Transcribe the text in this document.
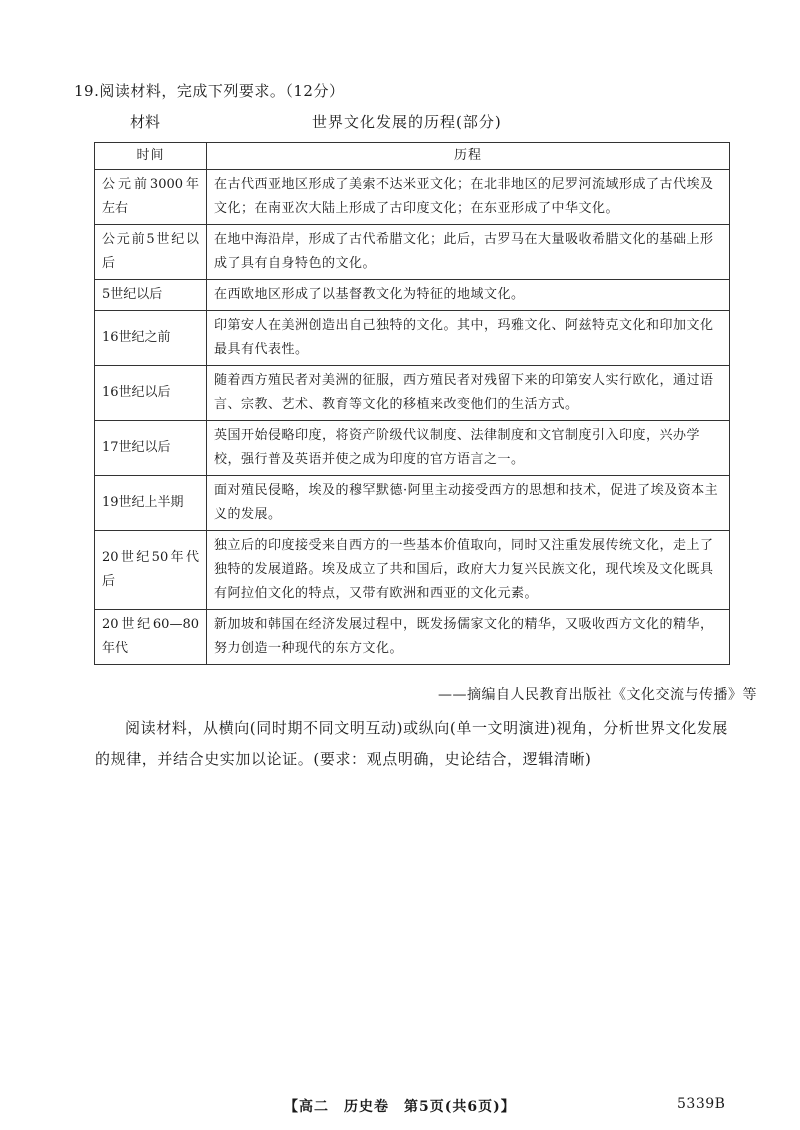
19.阅读材料，完成下列要求。（12分）
材料	世界文化发展的历程(部分)
时间	历程
公元前3000年左右	在古代西亚地区形成了美索不达米亚文化；在北非地区的尼罗河流域形成了古代埃及文化；在南亚次大陆上形成了古印度文化；在东亚形成了中华文化。
公元前5世纪以后	在地中海沿岸，形成了古代希腊文化；此后，古罗马在大量吸收希腊文化的基础上形成了具有自身特色的文化。
5世纪以后	在西欧地区形成了以基督教文化为特征的地域文化。
16世纪之前	印第安人在美洲创造出自己独特的文化。其中，玛雅文化、阿兹特克文化和印加文化最具有代表性。
16世纪以后	随着西方殖民者对美洲的征服，西方殖民者对残留下来的印第安人实行欧化，通过语言、宗教、艺术、教育等文化的移植来改变他们的生活方式。
17世纪以后	英国开始侵略印度，将资产阶级代议制度、法律制度和文官制度引入印度，兴办学校，强行普及英语并使之成为印度的官方语言之一。
19世纪上半期	面对殖民侵略，埃及的穆罕默德·阿里主动接受西方的思想和技术，促进了埃及资本主义的发展。
20世纪50年代后	独立后的印度接受来自西方的一些基本价值取向，同时又注重发展传统文化，走上了独特的发展道路。埃及成立了共和国后，政府大力复兴民族文化，现代埃及文化既具有阿拉伯文化的特点，又带有欧洲和西亚的文化元素。
20世纪60—80年代	新加坡和韩国在经济发展过程中，既发扬儒家文化的精华，又吸收西方文化的精华，努力创造一种现代的东方文化。
——摘编自人民教育出版社《文化交流与传播》等
阅读材料，从横向(同时期不同文明互动)或纵向(单一文明演进)视角，分析世界文化发展的规律，并结合史实加以论证。(要求：观点明确，史论结合，逻辑清晰)
【高二　历史卷　第5页(共6页)】	5339B
